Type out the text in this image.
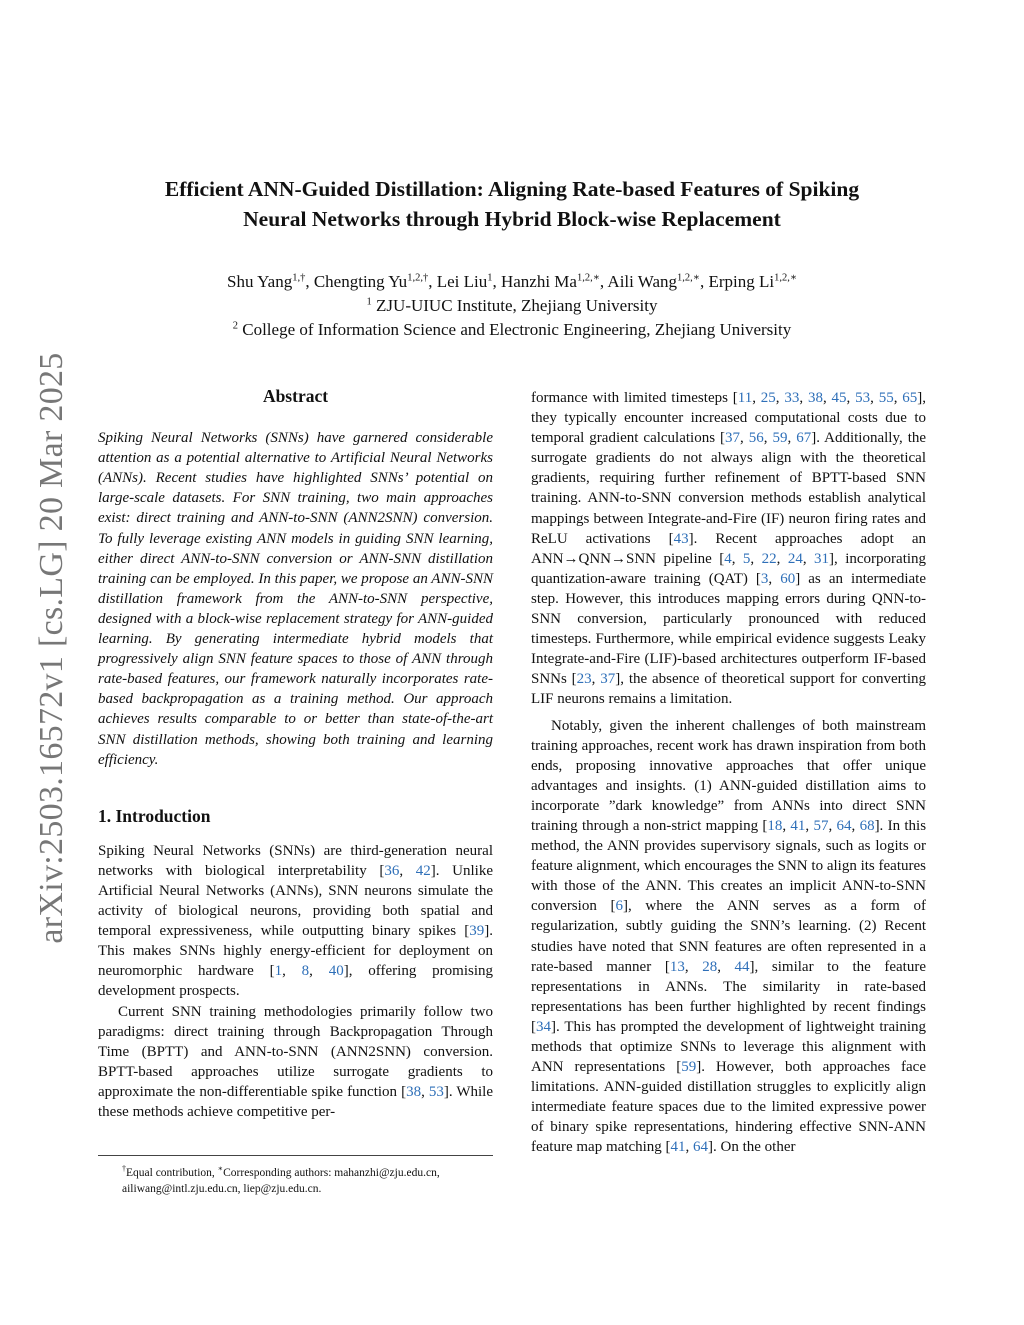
arXiv:2503.16572v1 [cs.LG] 20 Mar 2025
Efficient ANN-Guided Distillation: Aligning Rate-based Features of Spiking
Neural Networks through Hybrid Block-wise Replacement
Shu Yang$^{1,\dagger}$, Chengting $Yu^{1,2,\dagger}$, Lei Liu$^1$, Hanzhi $Ma^{1,2,∗}$, Aili Wang$^{1,2,∗}$, Erping $Li^{1,2,∗}$
$^1$ ZJU-UIUC Institute, Zhejiang University
$^2$ College of Information Science and Electronic Engineering, Zhejiang University
Abstract

Spiking Neural Networks (SNNs) have garnered considerable attention as a potential alternative to Artificial Neural Networks (ANNs). Recent studies have highlighted SNNs’ potential on large-scale datasets. For SNN training, two main approaches exist: direct training and ANN-to-SNN (ANN2SNN) conversion. To fully leverage existing ANN models in guiding SNN learning, either direct ANN-to-SNN conversion or ANN-SNN distillation training can be employed. In this paper, we propose an ANN-SNN distillation framework from the ANN-to-SNN perspective, designed with a block-wise replacement strategy for ANN-guided learning. By generating intermediate hybrid models that progressively align SNN feature spaces to those of ANN through rate-based features, our framework naturally incorporates rate-based backpropagation as a training method. Our approach achieves results comparable to or better than state-of-the-art SNN distillation methods, showing both training and learning efficiency.

1. Introduction

Spiking Neural Networks (SNNs) are third-generation neural networks with biological interpretability [36, 42]. Unlike Artificial Neural Networks (ANNs), SNN neurons simulate the activity of biological neurons, providing both spatial and temporal expressiveness, while outputting binary spikes [39]. This makes SNNs highly energy-efficient for deployment on neuromorphic hardware [1, 8, 40], offering promising development prospects.

Current SNN training methodologies primarily follow two paradigms: direct training through Backpropagation Through Time (BPTT) and ANN-to-SNN (ANN2SNN) conversion. BPTT-based approaches utilize surrogate gradients to approximate the non-differentiable spike function [38, 53]. While these methods achieve competitive per-

formance with limited timesteps [11, 25, 33, 38, 45, 53, 55, 65], they typically encounter increased computational costs due to temporal gradient calculations [37, 56, 59, 67]. Additionally, the surrogate gradients do not always align with the theoretical gradients, requiring further refinement of BPTT-based SNN training. ANN-to-SNN conversion methods establish analytical mappings between Integrate-and-Fire (IF) neuron firing rates and ReLU activations [43]. Recent approaches adopt an ANN→QNN→SNN pipeline [4, 5, 22, 24, 31], incorporating quantization-aware training (QAT) [3, 60] as an intermediate step. However, this introduces mapping errors during QNN-to-SNN conversion, particularly pronounced with reduced timesteps. Furthermore, while empirical evidence suggests Leaky Integrate-and-Fire (LIF)-based architectures outperform IF-based SNNs [23, 37], the absence of theoretical support for converting LIF neurons remains a limitation.

Notably, given the inherent challenges of both mainstream training approaches, recent work has drawn inspiration from both ends, proposing innovative approaches that offer unique advantages and insights. (1) ANN-guided distillation aims to incorporate ”dark knowledge” from ANNs into direct SNN training through a non-strict mapping [18, 41, 57, 64, 68]. In this method, the ANN provides supervisory signals, such as logits or feature alignment, which encourages the SNN to align its features with those of the ANN. This creates an implicit ANN-to-SNN conversion [6], where the ANN serves as a form of regularization, subtly guiding the SNN’s learning. (2) Recent studies have noted that SNN features are often represented in a rate-based manner [13, 28, 44], similar to the feature representations in ANNs. The similarity in rate-based representations has been further highlighted by recent findings [34]. This has prompted the development of lightweight training methods that optimize SNNs to leverage this alignment with ANN representations [59]. However, both approaches face limitations. ANN-guided distillation struggles to explicitly align intermediate feature spaces due to the limited expressive power of binary spike representations, hindering effective SNN-ANN feature map matching [41, 64]. On the other

†Equal contribution, ∗Corresponding authors: mahanzhi@zju.edu.cn, ailiwang@intl.zju.edu.cn, liep@zju.edu.cn.
